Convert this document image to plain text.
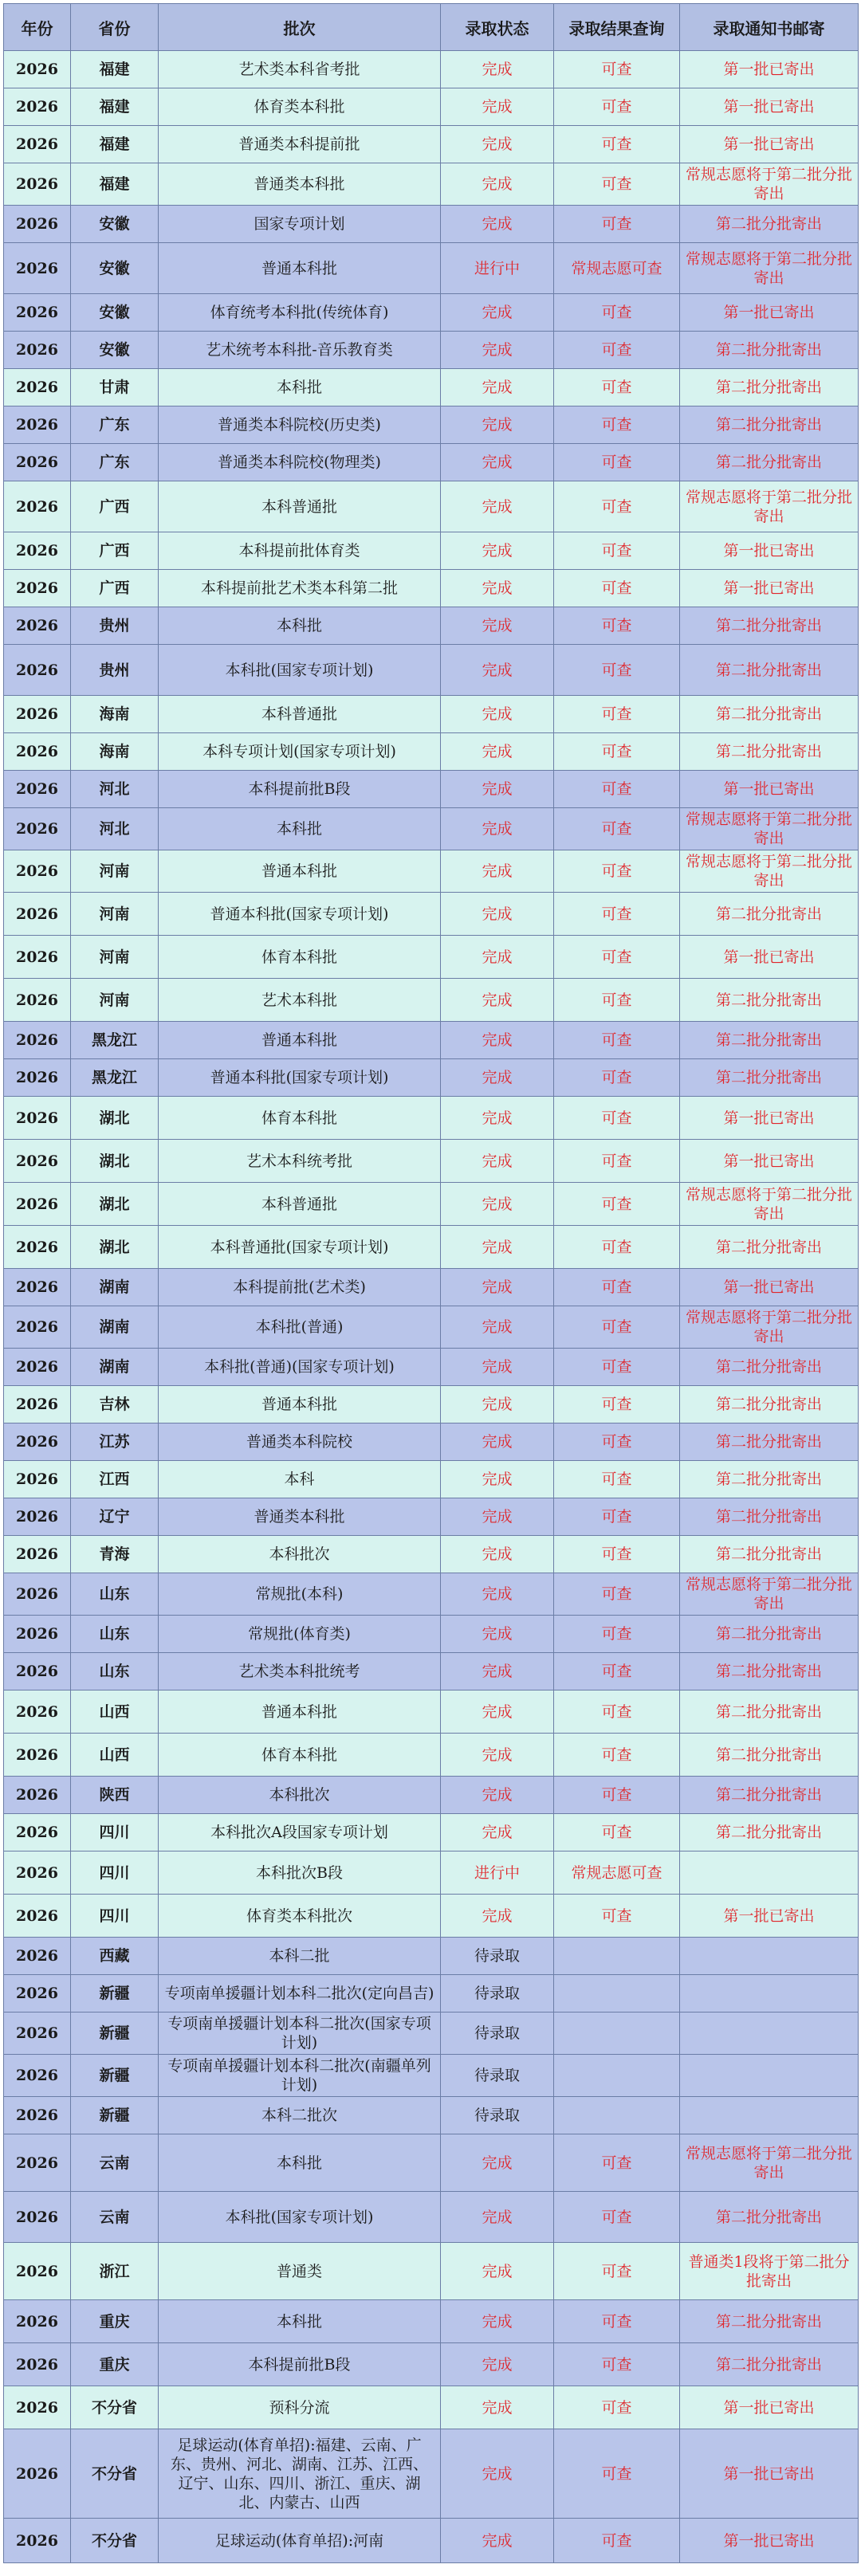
年份	省份	批次	录取状态	录取结果查询	录取通知书邮寄
2026	福建	艺术类本科省考批	完成	可查	第一批已寄出
2026	福建	体育类本科批	完成	可查	第一批已寄出
2026	福建	普通类本科提前批	完成	可查	第一批已寄出
2026	福建	普通类本科批	完成	可查	常规志愿将于第二批分批寄出
2026	安徽	国家专项计划	完成	可查	第二批分批寄出
2026	安徽	普通本科批	进行中	常规志愿可查	常规志愿将于第二批分批寄出
2026	安徽	体育统考本科批(传统体育)	完成	可查	第一批已寄出
2026	安徽	艺术统考本科批-音乐教育类	完成	可查	第二批分批寄出
2026	甘肃	本科批	完成	可查	第二批分批寄出
2026	广东	普通类本科院校(历史类)	完成	可查	第二批分批寄出
2026	广东	普通类本科院校(物理类)	完成	可查	第二批分批寄出
2026	广西	本科普通批	完成	可查	常规志愿将于第二批分批寄出
2026	广西	本科提前批体育类	完成	可查	第一批已寄出
2026	广西	本科提前批艺术类本科第二批	完成	可查	第一批已寄出
2026	贵州	本科批	完成	可查	第二批分批寄出
2026	贵州	本科批(国家专项计划)	完成	可查	第二批分批寄出
2026	海南	本科普通批	完成	可查	第二批分批寄出
2026	海南	本科专项计划(国家专项计划)	完成	可查	第二批分批寄出
2026	河北	本科提前批B段	完成	可查	第一批已寄出
2026	河北	本科批	完成	可查	常规志愿将于第二批分批寄出
2026	河南	普通本科批	完成	可查	常规志愿将于第二批分批寄出
2026	河南	普通本科批(国家专项计划)	完成	可查	第二批分批寄出
2026	河南	体育本科批	完成	可查	第一批已寄出
2026	河南	艺术本科批	完成	可查	第二批分批寄出
2026	黑龙江	普通本科批	完成	可查	第二批分批寄出
2026	黑龙江	普通本科批(国家专项计划)	完成	可查	第二批分批寄出
2026	湖北	体育本科批	完成	可查	第一批已寄出
2026	湖北	艺术本科统考批	完成	可查	第一批已寄出
2026	湖北	本科普通批	完成	可查	常规志愿将于第二批分批寄出
2026	湖北	本科普通批(国家专项计划)	完成	可查	第二批分批寄出
2026	湖南	本科提前批(艺术类)	完成	可查	第一批已寄出
2026	湖南	本科批(普通)	完成	可查	常规志愿将于第二批分批寄出
2026	湖南	本科批(普通)(国家专项计划)	完成	可查	第二批分批寄出
2026	吉林	普通本科批	完成	可查	第二批分批寄出
2026	江苏	普通类本科院校	完成	可查	第二批分批寄出
2026	江西	本科	完成	可查	第二批分批寄出
2026	辽宁	普通类本科批	完成	可查	第二批分批寄出
2026	青海	本科批次	完成	可查	第二批分批寄出
2026	山东	常规批(本科)	完成	可查	常规志愿将于第二批分批寄出
2026	山东	常规批(体育类)	完成	可查	第二批分批寄出
2026	山东	艺术类本科批统考	完成	可查	第二批分批寄出
2026	山西	普通本科批	完成	可查	第二批分批寄出
2026	山西	体育本科批	完成	可查	第二批分批寄出
2026	陕西	本科批次	完成	可查	第二批分批寄出
2026	四川	本科批次A段国家专项计划	完成	可查	第二批分批寄出
2026	四川	本科批次B段	进行中	常规志愿可查	
2026	四川	体育类本科批次	完成	可查	第一批已寄出
2026	西藏	本科二批	待录取		
2026	新疆	专项南单援疆计划本科二批次(定向昌吉)	待录取		
2026	新疆	专项南单援疆计划本科二批次(国家专项计划)	待录取		
2026	新疆	专项南单援疆计划本科二批次(南疆单列计划)	待录取		
2026	新疆	本科二批次	待录取		
2026	云南	本科批	完成	可查	常规志愿将于第二批分批寄出
2026	云南	本科批(国家专项计划)	完成	可查	第二批分批寄出
2026	浙江	普通类	完成	可查	普通类1段将于第二批分批寄出
2026	重庆	本科批	完成	可查	第二批分批寄出
2026	重庆	本科提前批B段	完成	可查	第二批分批寄出
2026	不分省	预科分流	完成	可查	第一批已寄出
2026	不分省	足球运动(体育单招):福建、云南、广东、贵州、河北、湖南、江苏、江西、辽宁、山东、四川、浙江、重庆、湖北、内蒙古、山西	完成	可查	第一批已寄出
2026	不分省	足球运动(体育单招):河南	完成	可查	第一批已寄出
